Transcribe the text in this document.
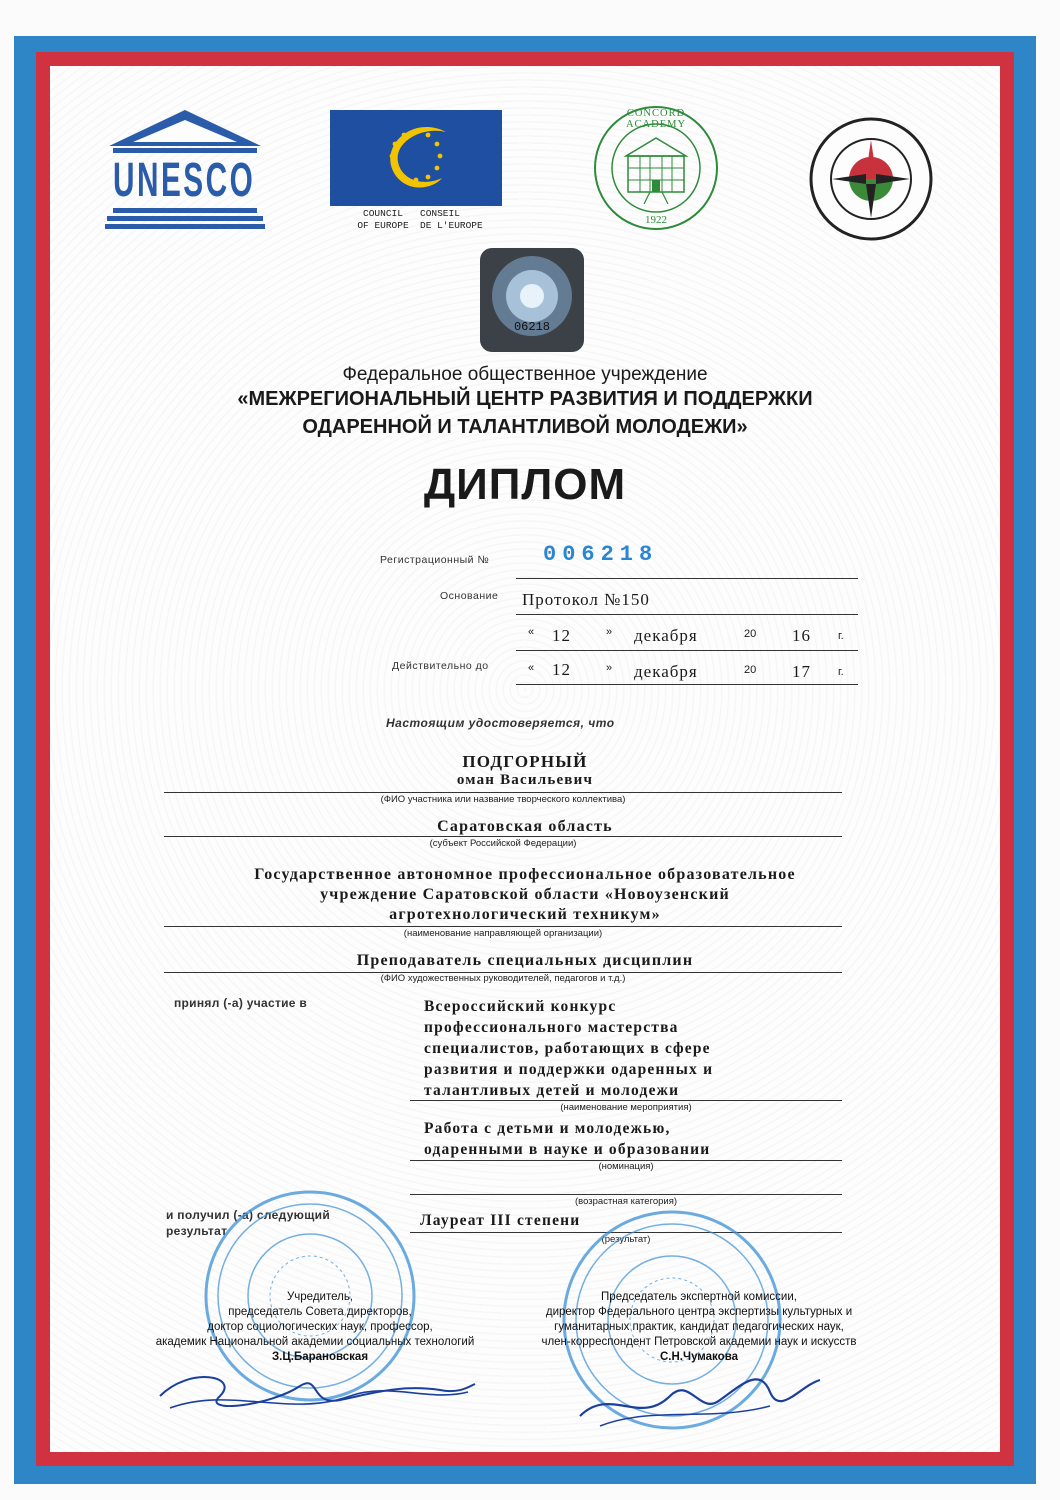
UNESCO
COUNCIL
OF EUROPE
CONSEIL
DE L'EUROPE
CONCORD ACADEMY
1922
06218
Федеральное общественное учреждение
«МЕЖРЕГИОНАЛЬНЫЙ ЦЕНТР РАЗВИТИЯ И ПОДДЕРЖКИ
ОДАРЕННОЙ И ТАЛАНТЛИВОЙ МОЛОДЕЖИ»
ДИПЛОМ
Регистрационный № 006218
Основание Протокол №150
« 12	» декабря	20 16 г.
Действительно до	« 12	» декабря	20 17 г.
Настоящим удостоверяется, что
ПОДГОРНЫЙ
оман Васильевич
(ФИО участника или название творческого коллектива)
Саратовская область
(субъект Российской Федерации)
Государственное автономное профессиональное образовательное
учреждение Саратовской области «Новоузенский
агротехнологический техникум»
(наименование направляющей организации)
Преподаватель специальных дисциплин
(ФИО художественных руководителей, педагогов и т.д.)
принял (-а) участие в	Всероссийский конкурс
профессионального мастерства
специалистов, работающих в сфере
развития и поддержки одаренных и
талантливых детей и молодежи
(наименование мероприятия)
Работа с детьми и молодежью,
одаренными в науке и образовании
(номинация)
(возрастная категория)
и получил (-а) следующий
результат
Лауреат III степени
(результат)
Учредитель,
председатель Совета директоров,
доктор социологических наук, профессор,
академик Национальной академии социальных технологий
З.Ц.Барановская
Председатель экспертной комиссии,
директор Федерального центра экспертизы культурных и
гуманитарных практик, кандидат педагогических наук,
член-корреспондент Петровской академии наук и искусств
С.Н.Чумакова
